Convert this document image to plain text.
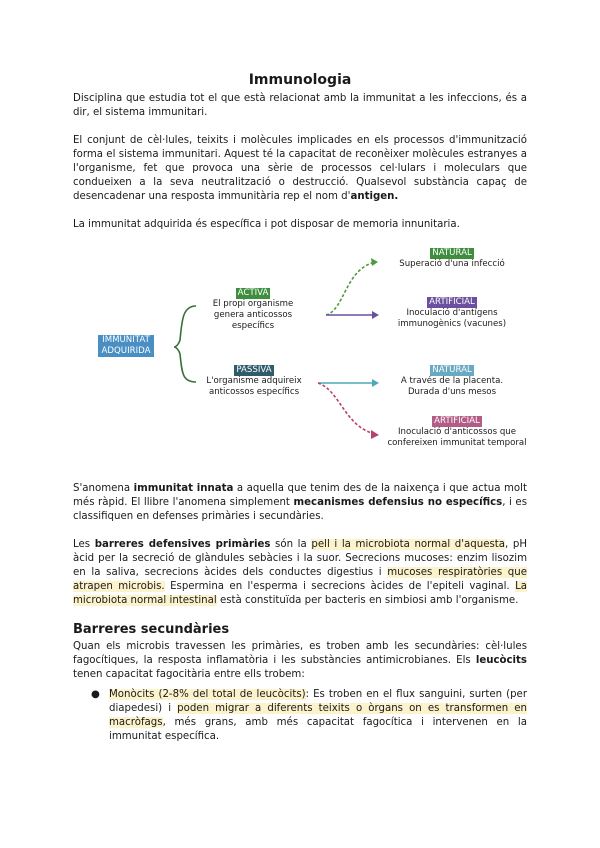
Immunologia
Disciplina que estudia tot el que està relacionat amb la immunitat a les infeccions, és a dir, el sistema immunitari.
El conjunt de cèl·lules, teixits i molècules implicades en els processos d'immunització forma el sistema immunitari. Aquest té la capacitat de reconèixer molècules estranyes a l'organisme, fet que provoca una sèrie de processos cel·lulars i moleculars que condueixen a la seva neutralització o destrucció. Qualsevol substància capaç de desencadenar una resposta immunitària rep el nom d'antigen.
La immunitat adquirida és específica i pot disposar de memoria innunitaria.
IMMUNITAT ADQUIRIDA
ACTIVA
El propi organisme genera anticossos específics
PASSIVA
L'organisme adquireix anticossos específics
NATURAL
Superació d'una infecció
ARTIFICIAL
Inoculació d'antígens immunogènics (vacunes)
NATURAL
A través de la placenta. Durada d'uns mesos
ARTIFICIAL
Inoculació d'anticossos que confereixen immunitat temporal
S'anomena immunitat innata a aquella que tenim des de la naixença i que actua molt més ràpid. El llibre l'anomena simplement mecanismes defensius no específics, i es classifiquen en defenses primàries i secundàries.
Les barreres defensives primàries són la pell i la microbiota normal d'aquesta, pH àcid per la secreció de glàndules sebàcies i la suor. Secrecions mucoses: enzim lisozim en la saliva, secrecions àcides dels conductes digestius i mucoses respiratòries que atrapen microbis. Espermina en l'esperma i secrecions àcides de l'epiteli vaginal. La microbiota normal intestinal està constituïda per bacteris en simbiosi amb l'organisme.
Barreres secundàries
Quan els microbis travessen les primàries, es troben amb les secundàries: cèl·lules fagocítiques, la resposta inflamatòria i les substàncies antimicrobianes. Els leucòcits tenen capacitat fagocitària entre ells trobem:
● Monòcits (2-8% del total de leucòcits): Es troben en el flux sanguini, surten (per diapedesi) i poden migrar a diferents teixits o òrgans on es transformen en macròfags, més grans, amb més capacitat fagocítica i intervenen en la immunitat específica.
